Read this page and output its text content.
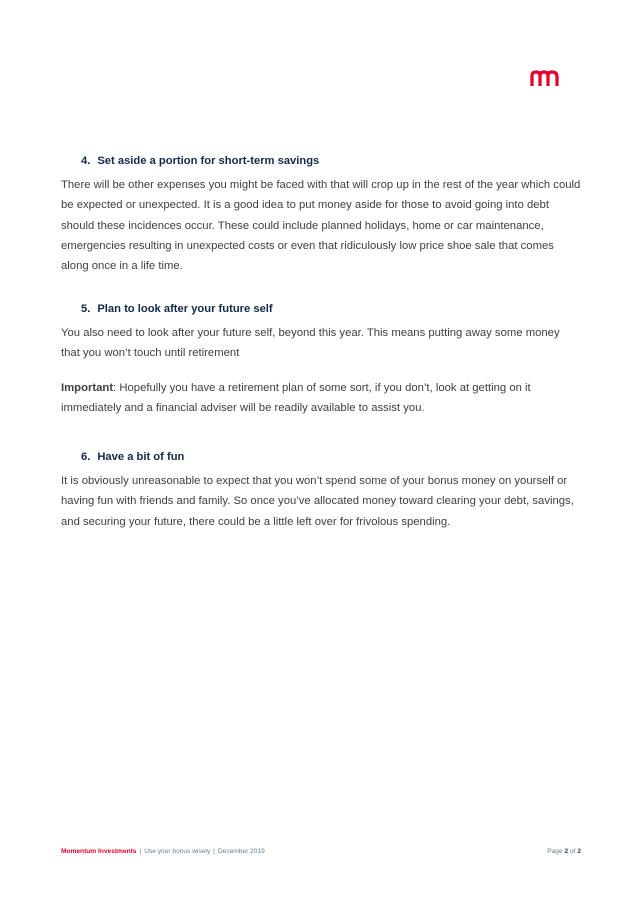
4. Set aside a portion for short-term savings

There will be other expenses you might be faced with that will crop up in the rest of the year which could be expected or unexpected. It is a good idea to put money aside for those to avoid going into debt should these incidences occur. These could include planned holidays, home or car maintenance, emergencies resulting in unexpected costs or even that ridiculously low price shoe sale that comes along once in a life time.

5. Plan to look after your future self

You also need to look after your future self, beyond this year. This means putting away some money that you won’t touch until retirement

Important: Hopefully you have a retirement plan of some sort, if you don’t, look at getting on it immediately and a financial adviser will be readily available to assist you.

6. Have a bit of fun

It is obviously unreasonable to expect that you won’t spend some of your bonus money on yourself or having fun with friends and family. So once you’ve allocated money toward clearing your debt, savings, and securing your future, there could be a little left over for frivolous spending.

Momentum Investments | Use your bonus wisely | December 2019	Page 2 of 2
